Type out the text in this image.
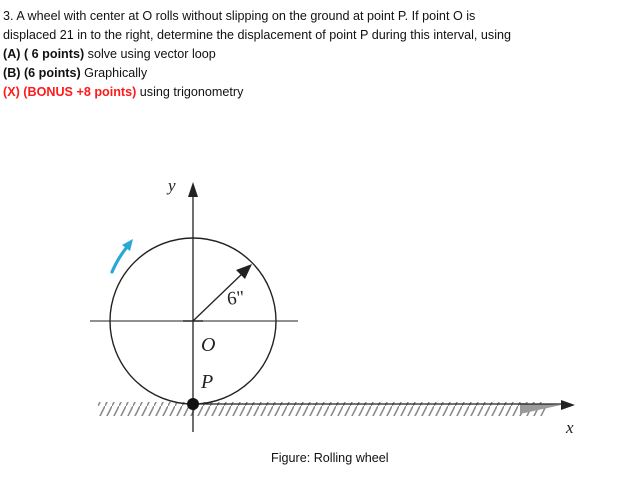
3. A wheel with center at O rolls without slipping on the ground at point P. If point O is
displaced 21 in to the right, determine the displacement of point P during this interval, using
(A) ( 6 points) solve using vector loop
(B) (6 points) Graphically
(X) (BONUS +8 points) using trigonometry
y
x
6"
O
P
Figure: Rolling wheel
